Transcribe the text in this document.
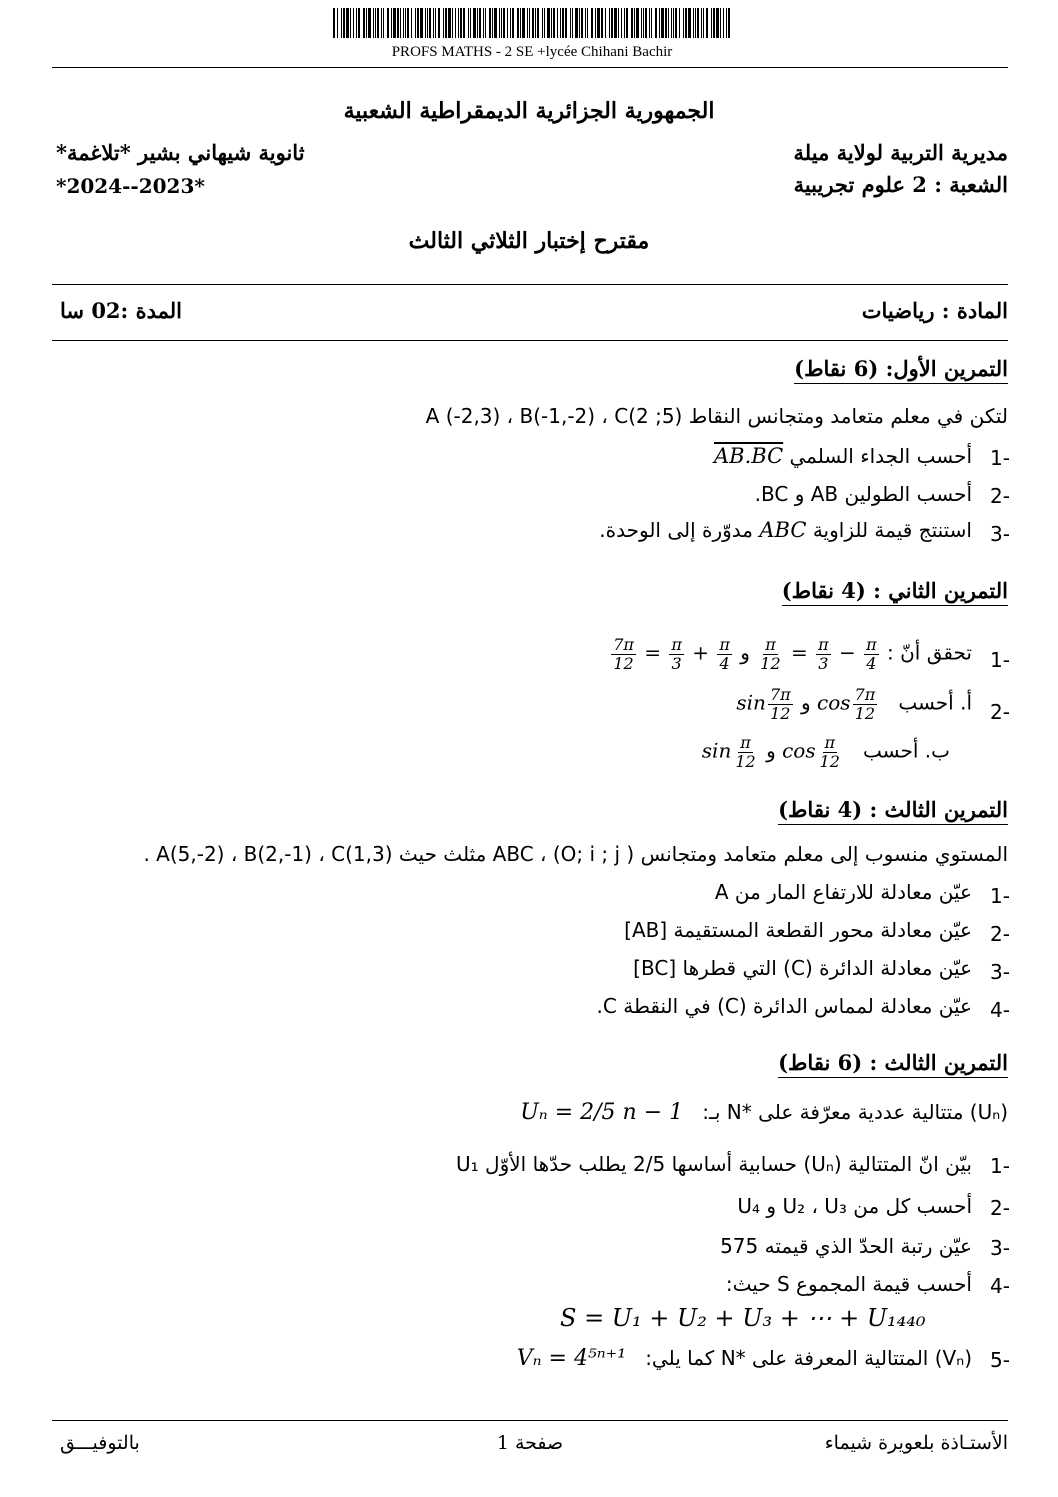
PROFS MATHS - 2 SE +lycée Chihani Bachir
الجمهورية الجزائرية الديمقراطية الشعبية
مديرية التربية لولاية ميلة
ثانوية شيهاني بشير *تلاغمة*
الشعبة : 2 علوم تجريبية
*2024--2023*
مقترح إختبار الثلاثي الثالث
المادة : رياضيات
المدة :02 سا
التمرين الأول: (6 نقاط)
لتكن في معلم متعامد ومتجانس النقاط A (-2,3) ، B(-1,-2) ، C(2 ;5)
-1
أحسب الجداء السلمي AB.BC
-2
أحسب الطولين AB و BC.
-3
استنتج قيمة للزاوية ABC مدوّرة إلى الوحدة.
التمرين الثاني : (4 نقاط)
-1
تحقق أنّ :
$\frac{7\pi}{12} = \frac{\pi}{3} + \frac{\pi}{4}$ و $\frac{\pi}{12} = \frac{\pi}{3} - \frac{\pi}{4}$
-2
أ. أحسب   $\sin \frac{7\pi}{12}$ و $\cos \frac{7\pi}{12}$
ب. أحسب   $\sin \frac{\pi}{12}$ و $\cos \frac{\pi}{12}$
التمرين الثالث : (4 نقاط)
المستوي منسوب إلى معلم متعامد ومتجانس ( O; i ; j) ، ABC مثلث حيث A(5,-2) ، B(2,-1) ، C(1,3) .
-1
عيّن معادلة للارتفاع المار من A
-2
عيّن معادلة محور القطعة المستقيمة [AB]
-3
عيّن معادلة الدائرة (C) التي قطرها [BC]
-4
عيّن معادلة لمماس الدائرة (C) في النقطة C.
التمرين الثالث : (6 نقاط)
(Uₙ) متتالية عددية معرّفة على *N بـ:   Uₙ = 2/5 n − 1
-1
بيّن انّ المتتالية (Uₙ) حسابية أساسها 2/5 يطلب حدّها الأوّل U₁
-2
أحسب كل من U₂ ، U₃ و U₄
-3
عيّن رتبة الحدّ الذي قيمته 575
-4
أحسب قيمة المجموع S حيث:
S = U₁ + U₂ + U₃ + ⋯ + U₁₄₄₀
-5
(Vₙ) المتتالية المعرفة على *N كما يلي:   Vₙ = 4⁵ⁿ⁺¹
الأستـاذة بلعويرة شيماء
صفحة 1
بالتوفيـــق
